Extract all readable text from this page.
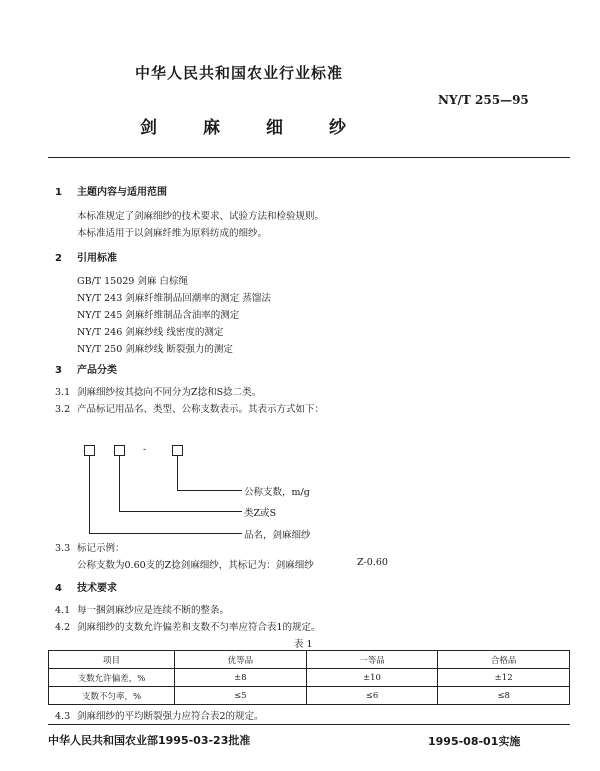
中华人民共和国农业行业标准
NY/T 255—95
剑麻细纱
1 主题内容与适用范围
本标准规定了剑麻细纱的技术要求、试验方法和检验规则。
本标准适用于以剑麻纤维为原料纺成的细纱。
2 引用标准
GB/T 15029 剑麻 白棕绳
NY/T 243 剑麻纤维制品回潮率的测定 蒸馏法
NY/T 245 剑麻纤维制品含油率的测定
NY/T 246 剑麻纱线 线密度的测定
NY/T 250 剑麻纱线 断裂强力的测定
3 产品分类
3.1 剑麻细纱按其捻向不同分为Z捻和S捻二类。
3.2 产品标记用品名、类型、公称支数表示。其表示方式如下：
-
公称支数，m/g
类Z或S
品名，剑麻细纱
3.3 标记示例：
公称支数为0.60支的Z捻剑麻细纱，其标记为：剑麻细纱	Z-0.60
4 技术要求
4.1 每一捆剑麻纱应是连续不断的整条。
4.2 剑麻细纱的支数允许偏差和支数不匀率应符合表1的规定。
表 1
项目	优等品	一等品	合格品
支数允许偏差，%	±8	±10	±12
支数不匀率，%	≤5	≤6	≤8
4.3 剑麻细纱的平均断裂强力应符合表2的规定。
中华人民共和国农业部1995-03-23批准	1995-08-01实施
